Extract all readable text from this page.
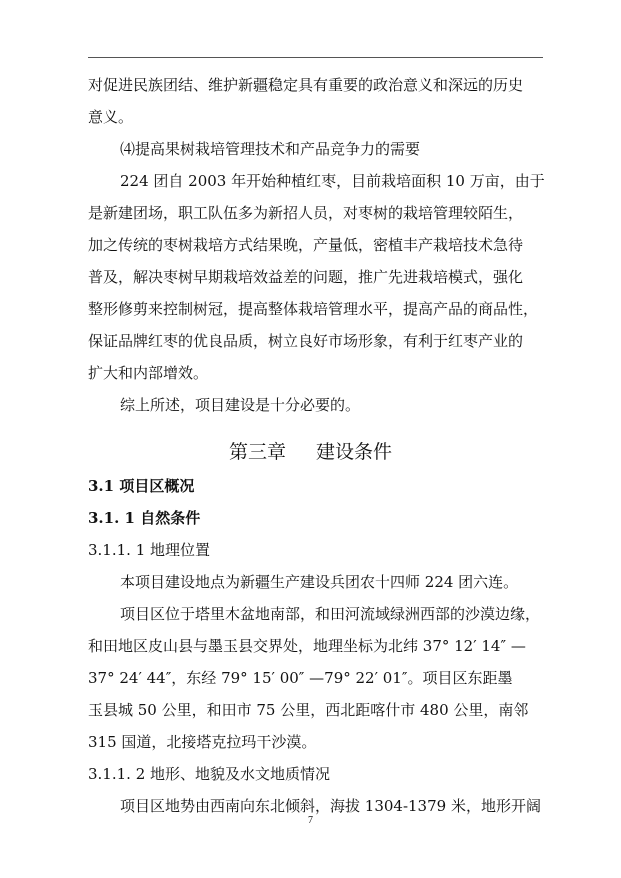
对促进民族团结、维护新疆稳定具有重要的政治意义和深远的历史
意义。
⑷提高果树栽培管理技术和产品竞争力的需要
224 团自 2003 年开始种植红枣，目前栽培面积 10 万亩，由于
是新建团场，职工队伍多为新招人员，对枣树的栽培管理较陌生，
加之传统的枣树栽培方式结果晚，产量低，密植丰产栽培技术急待
普及，解决枣树早期栽培效益差的问题，推广先进栽培模式，强化
整形修剪来控制树冠，提高整体栽培管理水平，提高产品的商品性，
保证品牌红枣的优良品质，树立良好市场形象，有利于红枣产业的
扩大和内部增效。
综上所述，项目建设是十分必要的。
第三章 建设条件
3.1 项目区概况
3.1. 1 自然条件
3.1.1. 1 地理位置
本项目建设地点为新疆生产建设兵团农十四师 224 团六连。
项目区位于塔里木盆地南部，和田河流域绿洲西部的沙漠边缘，
和田地区皮山县与墨玉县交界处，地理坐标为北纬 37° 12′ 14″ —
37° 24′ 44″，东经 79° 15′ 00″ —79° 22′ 01″。项目区东距墨
玉县城 50 公里，和田市 75 公里，西北距喀什市 480 公里，南邻
315 国道，北接塔克拉玛干沙漠。
3.1.1. 2 地形、地貌及水文地质情况
项目区地势由西南向东北倾斜，海拔 1304-1379 米，地形开阔
7
